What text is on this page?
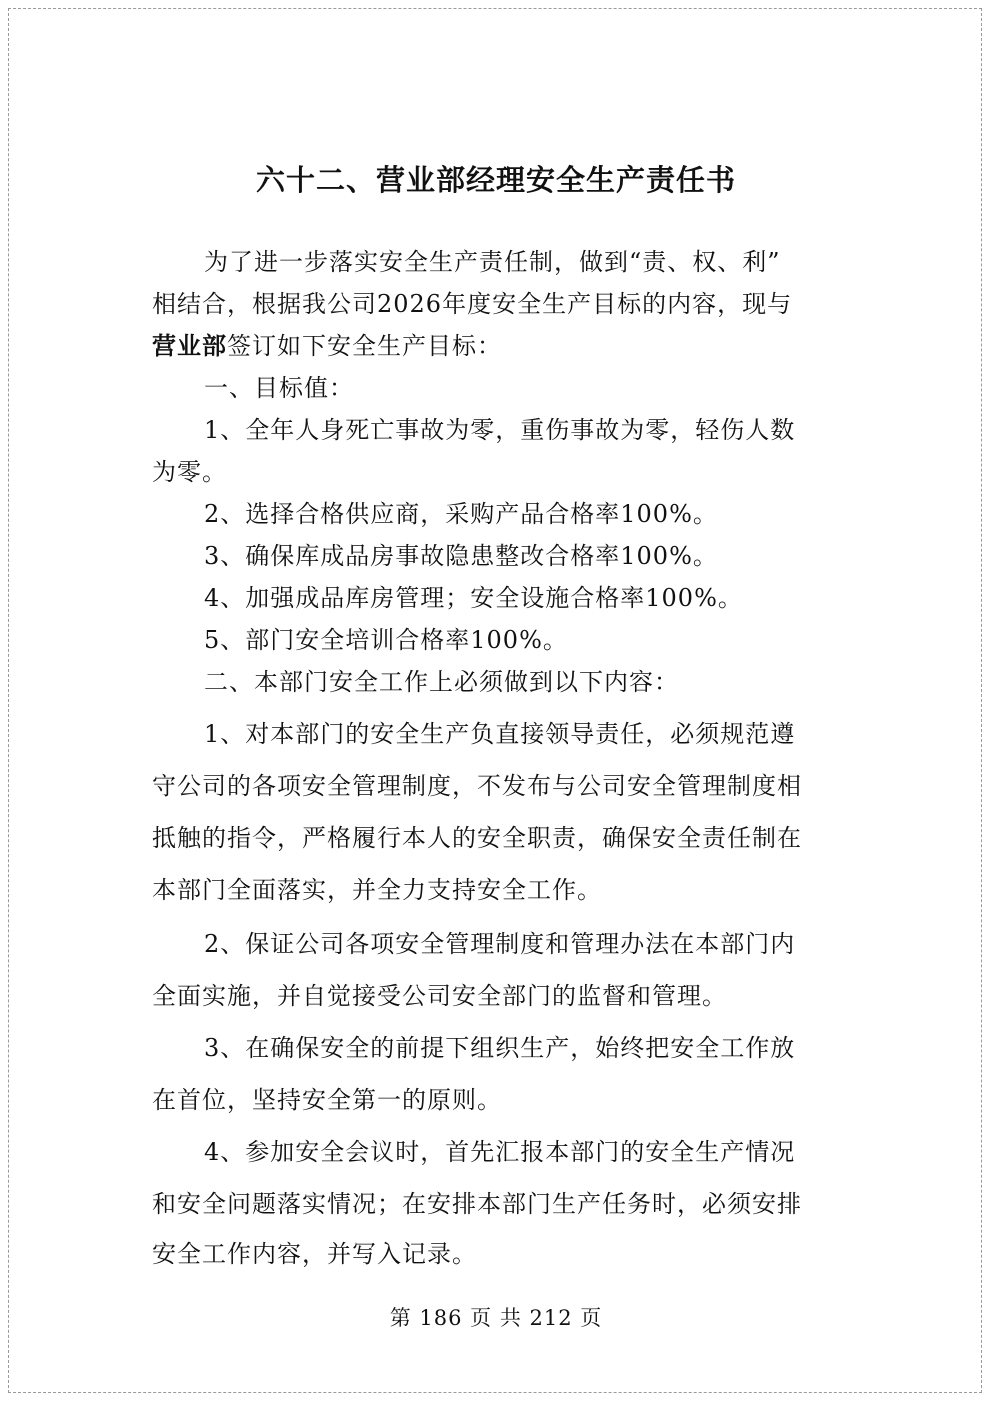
六十二、营业部经理安全生产责任书
为了进一步落实安全生产责任制，做到“责、权、利”
相结合，根据我公司2026年度安全生产目标的内容，现与
营业部签订如下安全生产目标：
一、目标值：
1、全年人身死亡事故为零，重伤事故为零，轻伤人数
为零。
2、选择合格供应商，采购产品合格率100%。
3、确保库成品房事故隐患整改合格率100%。
4、加强成品库房管理；安全设施合格率100%。
5、部门安全培训合格率100%。
二、本部门安全工作上必须做到以下内容：
1、对本部门的安全生产负直接领导责任，必须规范遵
守公司的各项安全管理制度，不发布与公司安全管理制度相
抵触的指令，严格履行本人的安全职责，确保安全责任制在
本部门全面落实，并全力支持安全工作。
2、保证公司各项安全管理制度和管理办法在本部门内
全面实施，并自觉接受公司安全部门的监督和管理。
3、在确保安全的前提下组织生产，始终把安全工作放
在首位，坚持安全第一的原则。
4、参加安全会议时，首先汇报本部门的安全生产情况
和安全问题落实情况；在安排本部门生产任务时，必须安排
安全工作内容，并写入记录。
第 186 页 共 212 页
